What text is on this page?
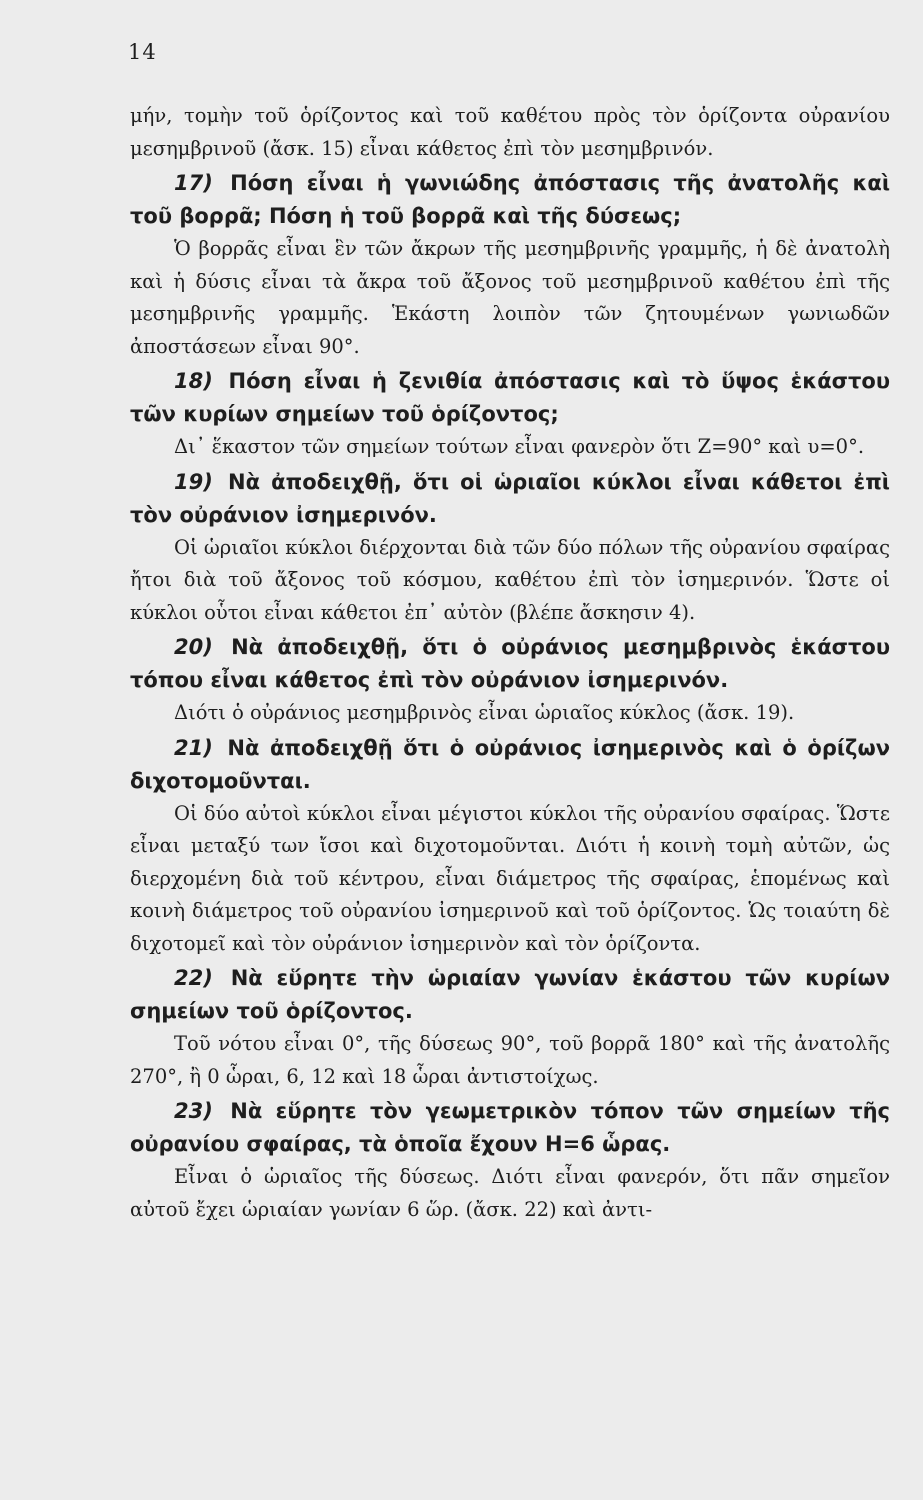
14

μήν, τομὴν τοῦ ὁρίζοντος καὶ τοῦ καθέτου πρὸς τὸν ὁρίζοντα οὐρανίου μεσημβρινοῦ (ἄσκ. 15) εἶναι κάθετος ἐπὶ τὸν μεσημβρινόν.

17) Πόση εἶναι ἡ γωνιώδης ἀπόστασις τῆς ἀνατολῆς καὶ τοῦ βορρᾶ; Πόση ἡ τοῦ βορρᾶ καὶ τῆς δύσεως;

Ὁ βορρᾶς εἶναι ἓν τῶν ἄκρων τῆς μεσημβρινῆς γραμμῆς, ἡ δὲ ἀνατολὴ καὶ ἡ δύσις εἶναι τὰ ἄκρα τοῦ ἄξονος τοῦ μεσημβρινοῦ καθέτου ἐπὶ τῆς μεσημβρινῆς γραμμῆς. Ἑκάστη λοιπὸν τῶν ζητουμένων γωνιωδῶν ἀποστάσεων εἶναι 90°.

18) Πόση εἶναι ἡ ζενιθία ἀπόστασις καὶ τὸ ὕψος ἑκάστου τῶν κυρίων σημείων τοῦ ὁρίζοντος;

Δι᾿ ἕκαστον τῶν σημείων τούτων εἶναι φανερὸν ὅτι Ζ=90° καὶ υ=0°.

19) Νὰ ἀποδειχθῇ, ὅτι οἱ ὡριαῖοι κύκλοι εἶναι κάθετοι ἐπὶ τὸν οὐράνιον ἰσημερινόν.

Οἱ ὡριαῖοι κύκλοι διέρχονται διὰ τῶν δύο πόλων τῆς οὐρανίου σφαίρας ἤτοι διὰ τοῦ ἄξονος τοῦ κόσμου, καθέτου ἐπὶ τὸν ἰσημερινόν. Ὥστε οἱ κύκλοι οὗτοι εἶναι κάθετοι ἐπ᾿ αὐτὸν (βλέπε ἄσκησιν 4).

20) Νὰ ἀποδειχθῇ, ὅτι ὁ οὐράνιος μεσημβρινὸς ἑκάστου τόπου εἶναι κάθετος ἐπὶ τὸν οὐράνιον ἰσημερινόν.

Διότι ὁ οὐράνιος μεσημβρινὸς εἶναι ὡριαῖος κύκλος (ἄσκ. 19).

21) Νὰ ἀποδειχθῇ ὅτι ὁ οὐράνιος ἰσημερινὸς καὶ ὁ ὁρίζων διχοτομοῦνται.

Οἱ δύο αὐτοὶ κύκλοι εἶναι μέγιστοι κύκλοι τῆς οὐρανίου σφαίρας. Ὥστε εἶναι μεταξύ των ἴσοι καὶ διχοτομοῦνται. Διότι ἡ κοινὴ τομὴ αὐτῶν, ὡς διερχομένη διὰ τοῦ κέντρου, εἶναι διάμετρος τῆς σφαίρας, ἑπομένως καὶ κοινὴ διάμετρος τοῦ οὐρανίου ἰσημερινοῦ καὶ τοῦ ὁρίζοντος. Ὡς τοιαύτη δὲ διχοτομεῖ καὶ τὸν οὐράνιον ἰσημερινὸν καὶ τὸν ὁρίζοντα.

22) Νὰ εὕρητε τὴν ὡριαίαν γωνίαν ἑκάστου τῶν κυρίων σημείων τοῦ ὁρίζοντος.

Τοῦ νότου εἶναι 0°, τῆς δύσεως 90°, τοῦ βορρᾶ 180° καὶ τῆς ἀνατολῆς 270°, ἢ 0 ὧραι, 6, 12 καὶ 18 ὧραι ἀντιστοίχως.

23) Νὰ εὕρητε τὸν γεωμετρικὸν τόπον τῶν σημείων τῆς οὐρανίου σφαίρας, τὰ ὁποῖα ἔχουν Η=6 ὧρας.

Εἶναι ὁ ὡριαῖος τῆς δύσεως. Διότι εἶναι φανερόν, ὅτι πᾶν σημεῖον αὐτοῦ ἔχει ὡριαίαν γωνίαν 6 ὥρ. (ἄσκ. 22) καὶ ἀντι-
